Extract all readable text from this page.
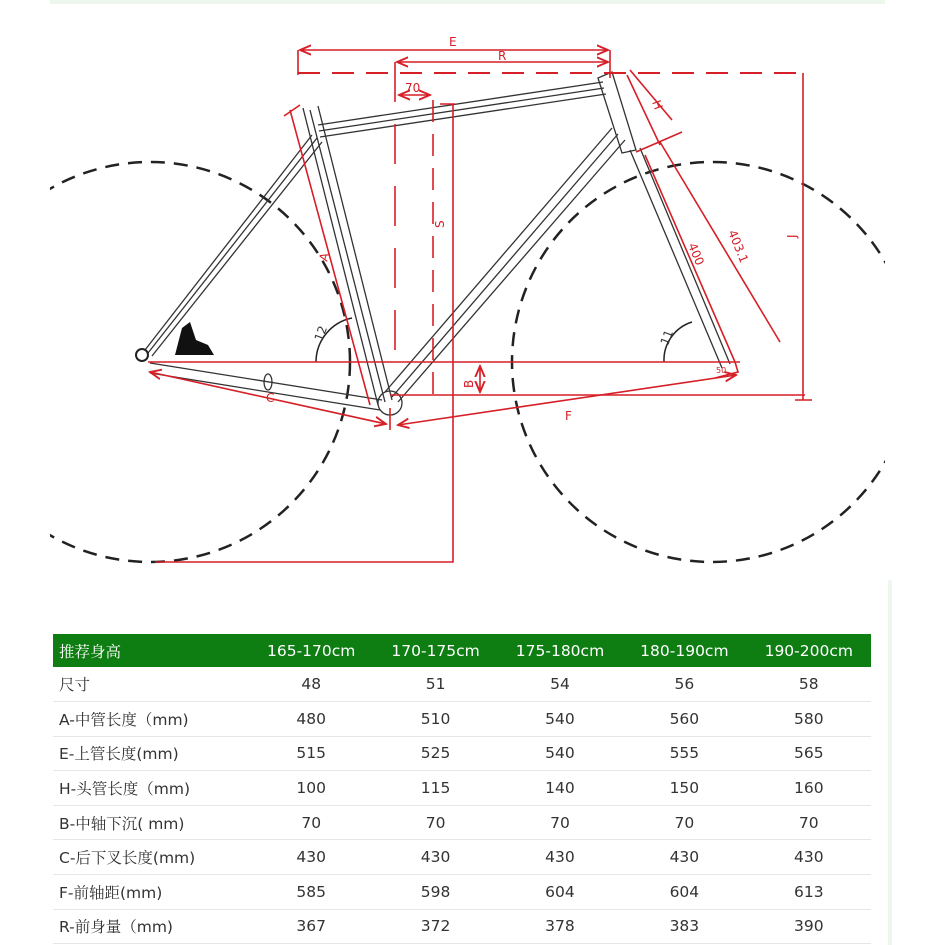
12	11
E
R
70
H
S
J
A	400 403.1
B
C
F
50
推荐身高	165-170cm	170-175cm	175-180cm	180-190cm	190-200cm
尺寸	48	51	54	56	58
A-中管长度（mm)	480	510	540	560	580
E-上管长度(mm)	515	525	540	555	565
H-头管长度（mm)	100	115	140	150	160
B-中轴下沉( mm)	70	70	70	70	70
C-后下叉长度(mm)	430	430	430	430	430
F-前轴距(mm)	585	598	604	604	613
R-前身量（mm)	367	372	378	383	390
